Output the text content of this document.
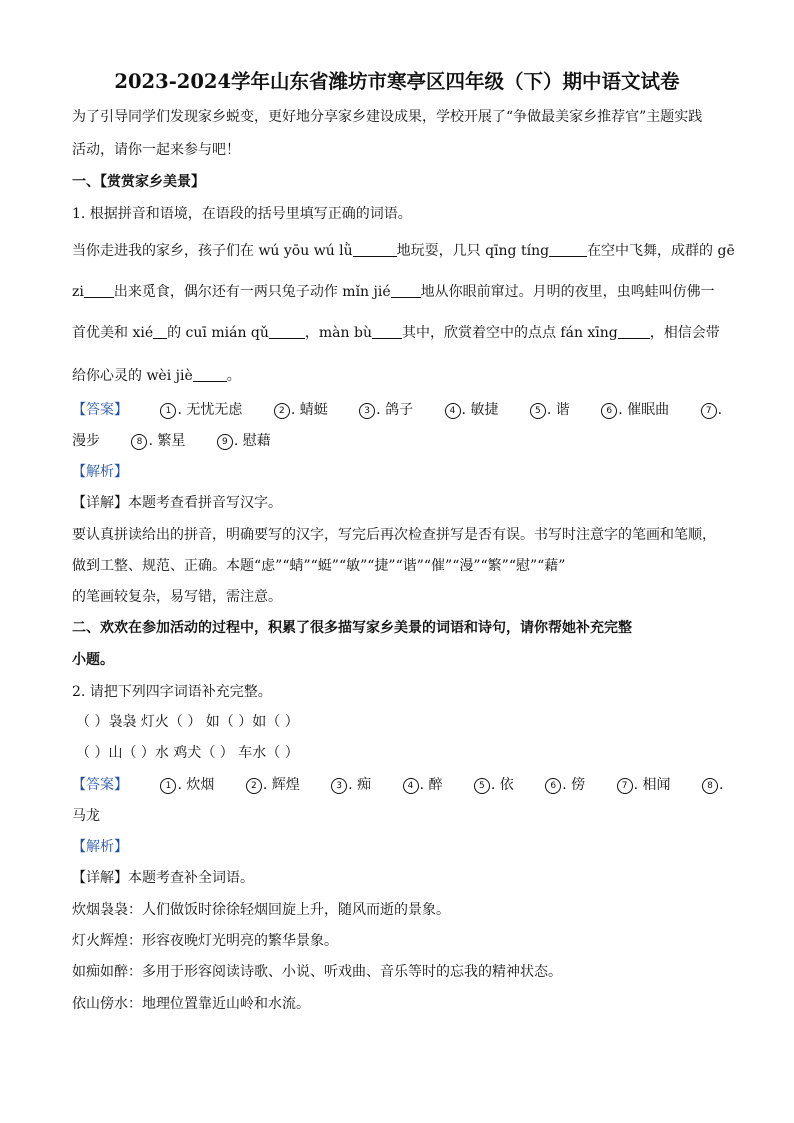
2023-2024学年山东省潍坊市寒亭区四年级（下）期中语文试卷
为了引导同学们发现家乡蜕变，更好地分享家乡建设成果，学校开展了“争做最美家乡推荐官”主题实践
活动，请你一起来参与吧！
一、【赏赏家乡美景】
1. 根据拼音和语境，在语段的括号里填写正确的词语。
当你走进我的家乡，孩子们在 wú yōu wú lǜ	地玩耍，几只 qīng tíng	在空中飞舞，成群的 gē
zi 出来觅食，偶尔还有一两只兔子动作 mǐn jié 地从你眼前窜过。月明的夜里，虫鸣蛙叫仿佛一
首优美和 xié 的 cuī mián qǔ	，màn bù 其中，欣赏着空中的点点 fán xīng ，相信会带
给你心灵的 wèi jiè 。
【答案】	1 . 无忧无虑	2 . 蜻蜓	3 . 鸽子	4 . 敏捷	5 . 谐	6 . 催眠曲	7 .
漫步	8 . 繁星	9 . 慰藉
【解析】
【详解】本题考查看拼音写汉字。
要认真拼读给出的拼音，明确要写的汉字，写完后再次检查拼写是否有误。书写时注意字的笔画和笔顺，
做到工整、规范、正确。本题“虑”“蜻”“蜓”“敏”“捷”“谐”“催”“漫”“繁”“慰”“藉”
的笔画较复杂，易写错，需注意。
二、欢欢在参加活动的过程中，积累了很多描写家乡美景的词语和诗句，请你帮她补充完整
小题。
2. 请把下列四字词语补充完整。
（ ）袅袅 灯火（ ） 如（ ）如（ ）
（ ）山（ ）水 鸡犬（ ） 车水（ ）
【答案】	1 . 炊烟	2 . 辉煌	3 . 痴	4 . 醉	5 . 依	6 . 傍	7 . 相闻	8 .
马龙
【解析】
【详解】本题考查补全词语。
炊烟袅袅：人们做饭时徐徐轻烟回旋上升，随风而逝的景象。
灯火辉煌：形容夜晚灯光明亮的繁华景象。
如痴如醉：多用于形容阅读诗歌、小说、听戏曲、音乐等时的忘我的精神状态。
依山傍水：地理位置靠近山岭和水流。
